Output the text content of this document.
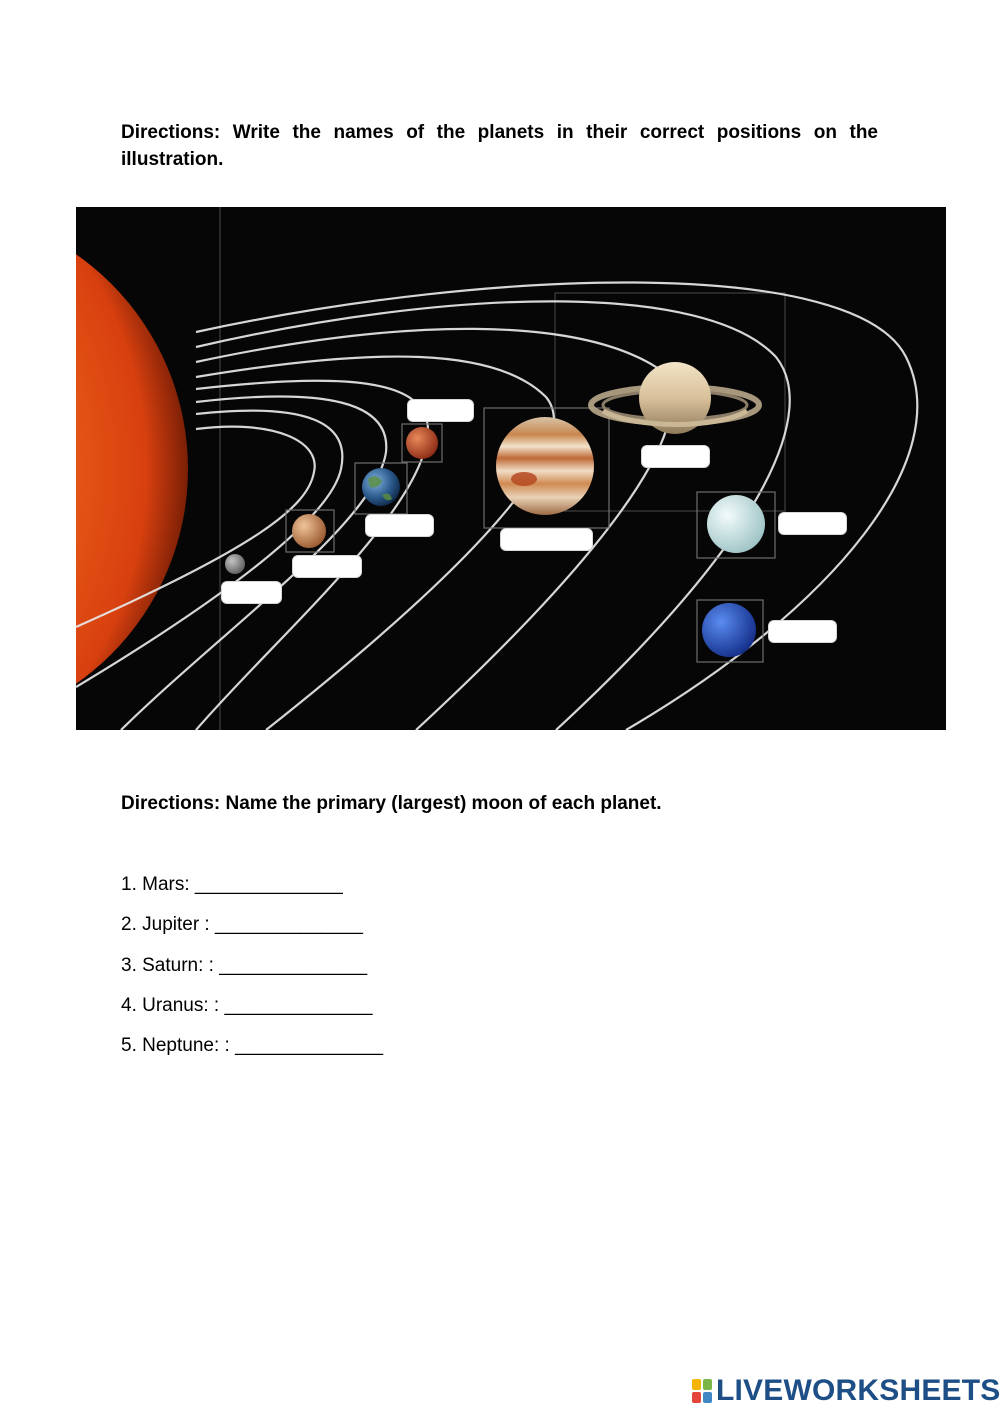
Directions: Write the names of the planets in their correct positions on the illustration.
Directions: Name the primary (largest) moon of each planet.
1. Mars: ______________
2. Jupiter : ______________
3. Saturn: : ______________
4. Uranus: : ______________
5. Neptune: : ______________
LIVEWORKSHEETS
